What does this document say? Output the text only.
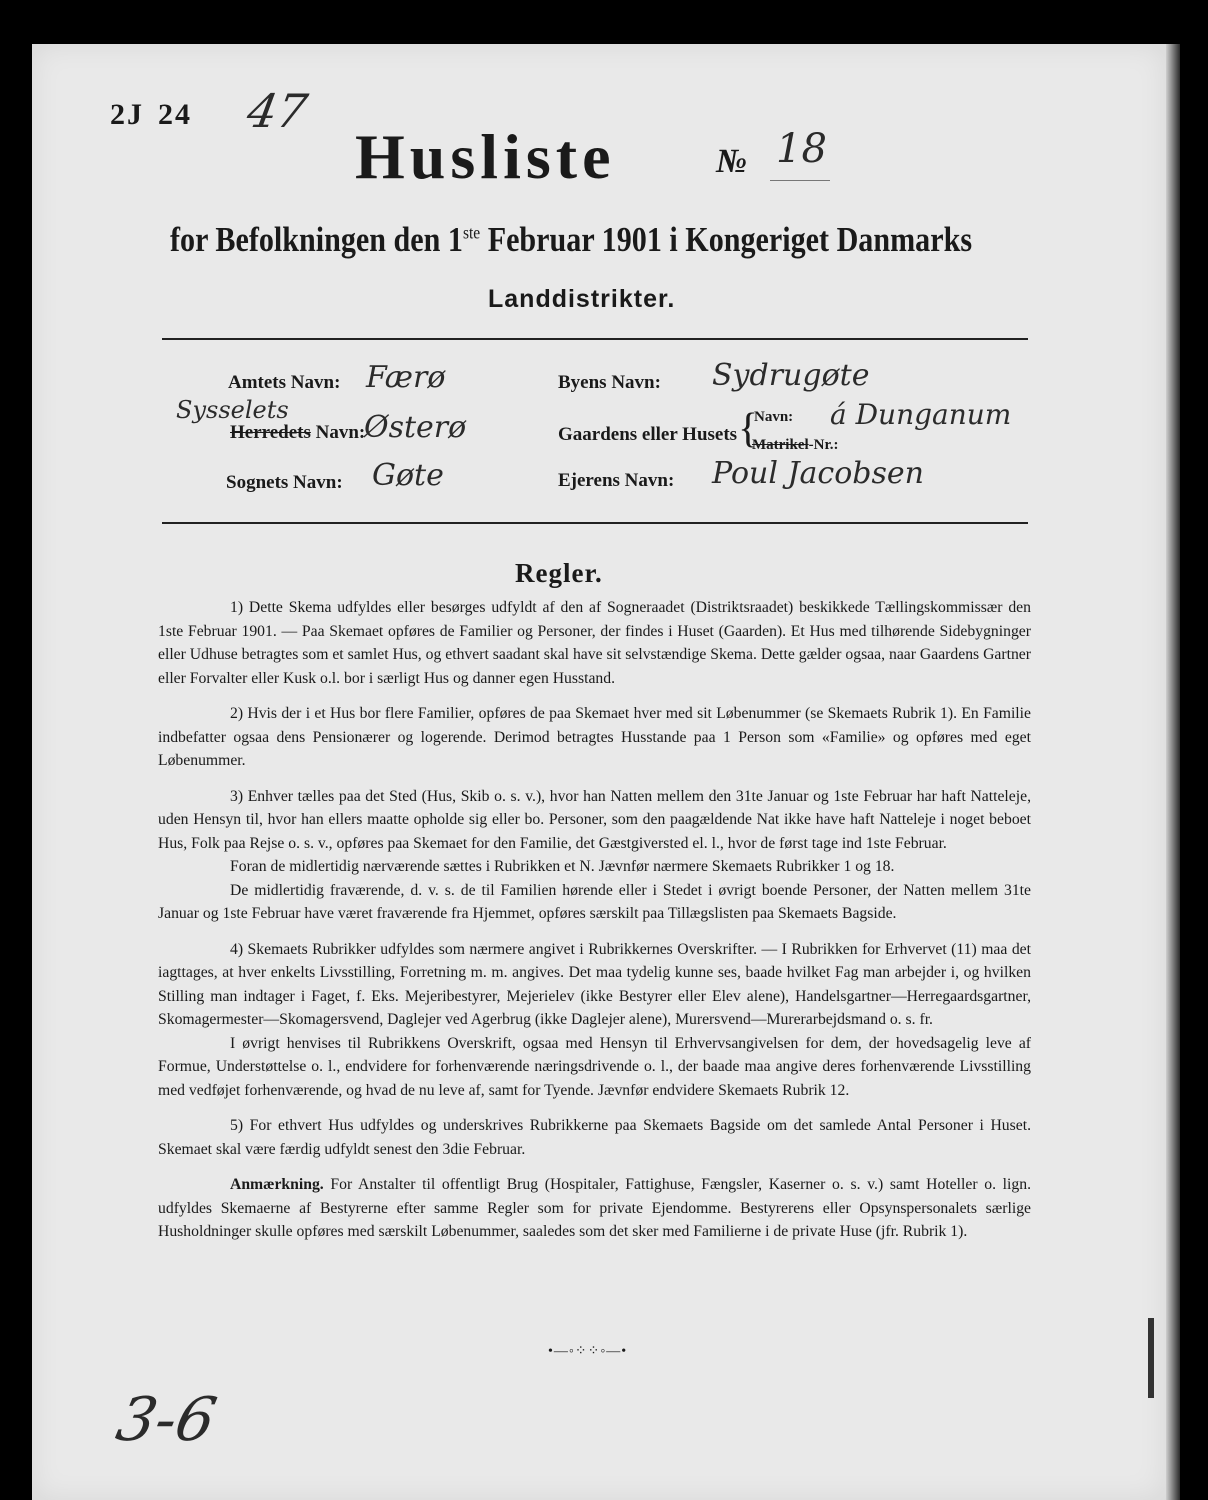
2J 24 47
Husliste	№ 18
for Befolkningen den 1ste Februar 1901 i Kongeriget Danmarks
Landdistrikter.
Amtets Navn: Færø
Sysselets
Herredets Navn:
Østerø
Sognets Navn: Gøte
Byens Navn: Sydrugøte
Gaardens eller Husets {
Navn: á Dunganum
Matrikel-Nr.:
Ejerens Navn: Poul Jacobsen
Regler.

1) Dette Skema udfyldes eller besørges udfyldt af den af Sogneraadet (Distriktsraadet) beskikkede Tællingskommissær den 1ste Februar 1901. — Paa Skemaet opføres de Familier og Personer, der findes i Huset (Gaarden). Et Hus med tilhørende Sidebygninger eller Udhuse betragtes som et samlet Hus, og ethvert saadant skal have sit selvstændige Skema. Dette gælder ogsaa, naar Gaardens Gartner eller Forvalter eller Kusk o.l. bor i særligt Hus og danner egen Husstand.

2) Hvis der i et Hus bor flere Familier, opføres de paa Skemaet hver med sit Løbenummer (se Skemaets Rubrik 1). En Familie indbefatter ogsaa dens Pensionærer og logerende. Derimod betragtes Husstande paa 1 Person som «Familie» og opføres med eget Løbenummer.

3) Enhver tælles paa det Sted (Hus, Skib o. s. v.), hvor han Natten mellem den 31te Januar og 1ste Februar har haft Natteleje, uden Hensyn til, hvor han ellers maatte opholde sig eller bo. Personer, som den paagældende Nat ikke have haft Natteleje i noget beboet Hus, Folk paa Rejse o. s. v., opføres paa Skemaet for den Familie, det Gæstgiversted el. l., hvor de først tage ind 1ste Februar.

Foran de midlertidig nærværende sættes i Rubrikken et N. Jævnfør nærmere Skemaets Rubrikker 1 og 18.

De midlertidig fraværende, d. v. s. de til Familien hørende eller i Stedet i øvrigt boende Personer, der Natten mellem 31te Januar og 1ste Februar have været fraværende fra Hjemmet, opføres særskilt paa Tillægslisten paa Skemaets Bagside.

4) Skemaets Rubrikker udfyldes som nærmere angivet i Rubrikkernes Overskrifter. — I Rubrikken for Erhvervet (11) maa det iagttages, at hver enkelts Livsstilling, Forretning m. m. angives. Det maa tydelig kunne ses, baade hvilket Fag man arbejder i, og hvilken Stilling man indtager i Faget, f. Eks. Mejeribestyrer, Mejerielev (ikke Bestyrer eller Elev alene), Handelsgartner—Herregaardsgartner, Skomagermester—Skomagersvend, Daglejer ved Agerbrug (ikke Daglejer alene), Murersvend—Murerarbejdsmand o. s. fr.

I øvrigt henvises til Rubrikkens Overskrift, ogsaa med Hensyn til Erhvervsangivelsen for dem, der hovedsagelig leve af Formue, Understøttelse o. l., endvidere for forhenværende næringsdrivende o. l., der baade maa angive deres forhenværende Livsstilling med vedføjet forhenværende, og hvad de nu leve af, samt for Tyende. Jævnfør endvidere Skemaets Rubrik 12.

5) For ethvert Hus udfyldes og underskrives Rubrikkerne paa Skemaets Bagside om det samlede Antal Personer i Huset. Skemaet skal være færdig udfyldt senest den 3die Februar.

Anmærkning. For Anstalter til offentligt Brug (Hospitaler, Fattighuse, Fængsler, Kaserner o. s. v.) samt Hoteller o. lign. udfyldes Skemaerne af Bestyrerne efter samme Regler som for private Ejendomme. Bestyrerens eller Opsynspersonalets særlige Husholdninger skulle opføres med særskilt Løbenummer, saaledes som det sker med Familierne i de private Huse (jfr. Rubrik 1).

•—◦⁘⁘◦—•
3-6
